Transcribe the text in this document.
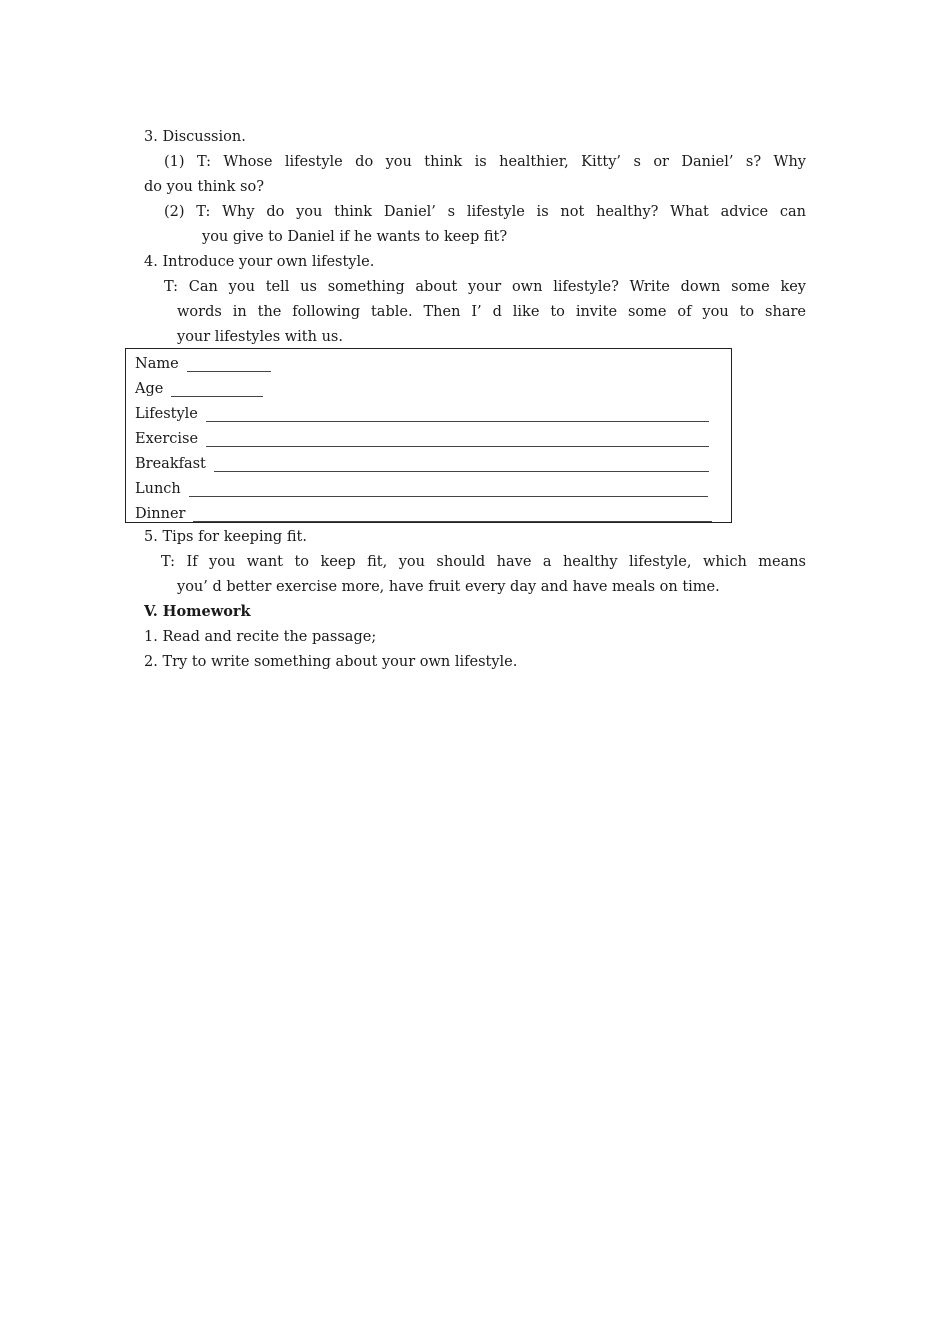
3. Discussion.
(1) T: Whose lifestyle do you think is healthier, Kitty’ s or Daniel’ s? Why
do you think so?
(2) T: Why do you think Daniel’ s lifestyle is not healthy? What advice can
you give to Daniel if he wants to keep fit?
4. Introduce your own lifestyle.
T: Can you tell us something about your own lifestyle? Write down some key
words in the following table. Then I’ d like to invite some of you to share
your lifestyles with us.
Name
Age
Lifestyle
Exercise
Breakfast
Lunch
Dinner
5. Tips for keeping fit.
T: If you want to keep fit, you should have a healthy lifestyle, which means
you’ d better exercise more, have fruit every day and have meals on time.
V. Homework
1. Read and recite the passage;
2. Try to write something about your own lifestyle.
